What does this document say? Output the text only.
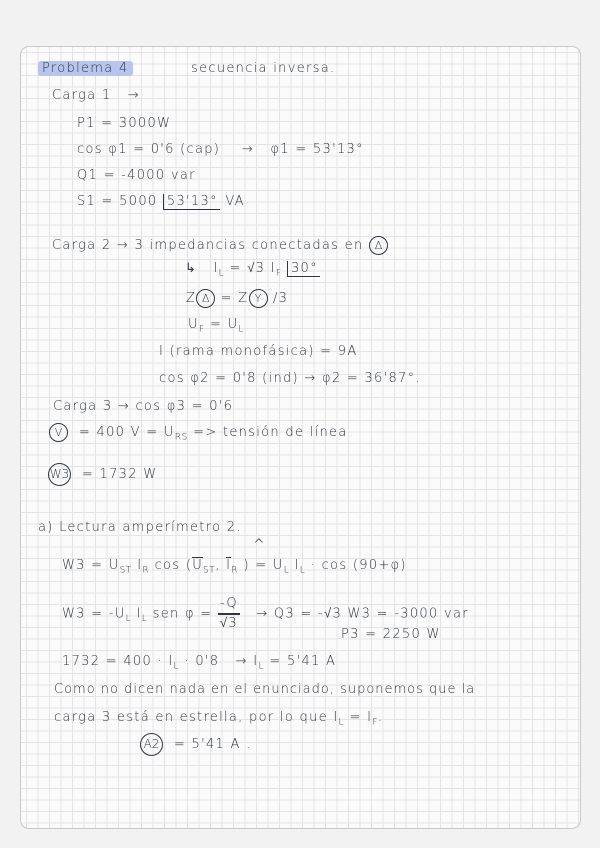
Problema 4	secuencia inversa.
Carga 1 →
P1 = 3000W
cos φ1 = 0'6 (cap) → φ1 = 53'13°
Q1 = -4000 var
S1 = 5000 53'13° VA
Carga 2 → 3 impedancias conectadas en Δ
↳ $I_L = √3$ $I_F$ 30°
Z Δ = Z Y /3
$U_F = U_L$
I (rama monofásica) = 9A
cos φ2 = 0'8 (ind) → φ2 = 36'87°.
Carga 3 → cos φ3 = 0'6
V = 400 $V = U_{RS}$ => tensión de línea
W3 = 1732 W
a) Lectura amperímetro 2.
^
$W3 = U_{ST}$ $I_R$ $\cos (U_{ST}$, $I_R$ ) = $U_L$ $I_L \cdot \cos (90+\varphi)$
$W3 = -U_L$ $I_L$ sen $\varphi = \frac{-Q}{√3} \to Q3 = -√3$ W3 = -3000 var
P3 = 2250 W
$1732 = 400 \cdot I_L \cdot 0'8 \to I_L = 5'41$ A
Como no dicen nada en el enunciado, suponemos que la
carga 3 está en estrella, por lo que $I_L = I_F$.
A2 = 5'41 A .
